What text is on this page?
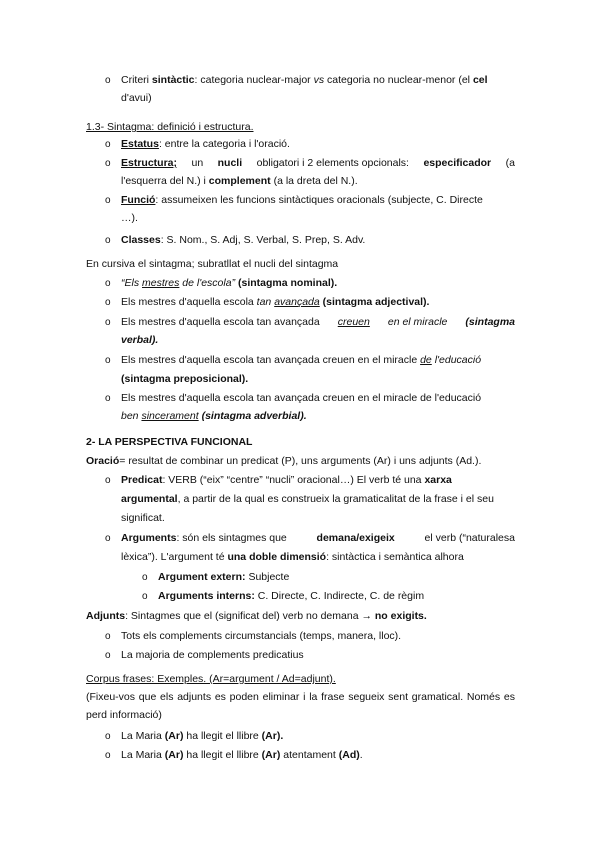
o Criteri sintàctic: categoria nuclear-major vs categoria no nuclear-menor (el cel
d'avui)
1.3- Sintagma: definició i estructura.
o Estatus: entre la categoria i l'oració.
o Estructura; un nucli obligatori i 2 elements opcionals: especificador (a
l'esquerra del N.) i complement (a la dreta del N.).
o Funció: assumeixen les funcions sintàctiques oracionals (subjecte, C. Directe
…).
o Classes: S. Nom., S. Adj, S. Verbal, S. Prep, S. Adv.
En cursiva el sintagma; subratllat el nucli del sintagma
o “Els mestres de l'escola” (sintagma nominal).
o Els mestres d'aquella escola tan avançada (sintagma adjectival).
o Els mestres d'aquella escola tan avançada creuen en el miracle (sintagma
verbal).
o Els mestres d'aquella escola tan avançada creuen en el miracle de l'educació
(sintagma preposicional).
o Els mestres d'aquella escola tan avançada creuen en el miracle de l'educació
ben sincerament (sintagma adverbial).
2- LA PERSPECTIVA FUNCIONAL
Oració= resultat de combinar un predicat (P), uns arguments (Ar) i uns adjunts (Ad.).
o Predicat: VERB (“eix” “centre” “nucli” oracional…) El verb té una xarxa
argumental, a partir de la qual es construeix la gramaticalitat de la frase i el seu
significat.
o Arguments: són els sintagmes que	demana/exigeix	el verb (“naturalesa
lèxica”). L'argument té una doble dimensió: sintàctica i semàntica alhora
o Argument extern: Subjecte
o Arguments interns: C. Directe, C. Indirecte, C. de règim
Adjunts: Sintagmes que el (significat del) verb no demana → no exigits.
o Tots els complements circumstancials (temps, manera, lloc).
o La majoria de complements predicatius
Corpus frases: Exemples. (Ar=argument / Ad=adjunt).
(Fixeu-vos que els adjunts es poden eliminar i la frase segueix sent gramatical. Només es perd informació)
o La Maria (Ar) ha llegit el llibre (Ar).
o La Maria (Ar) ha llegit el llibre (Ar) atentament (Ad).
